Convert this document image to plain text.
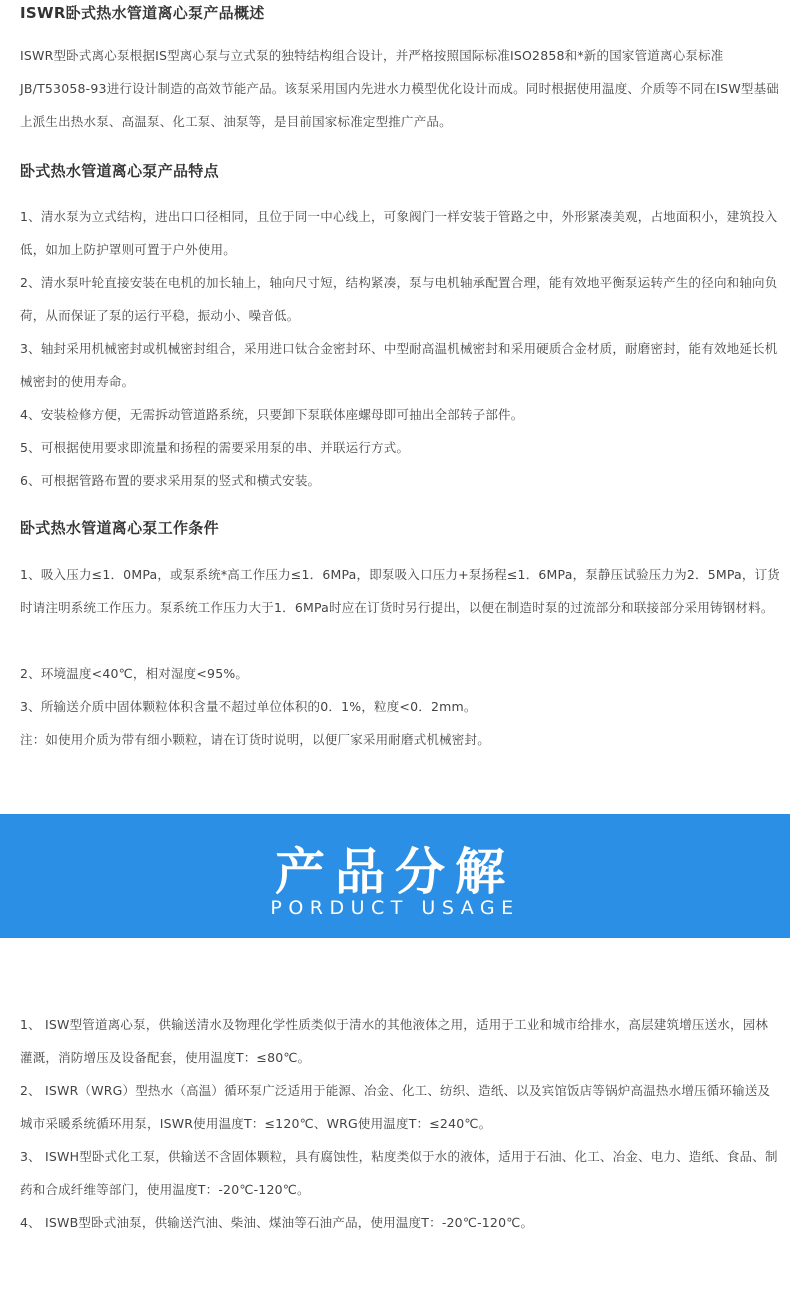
ISWR卧式热水管道离心泵产品概述
ISWR型卧式离心泵根据IS型离心泵与立式泵的独特结构组合设计，并严格按照国际标准ISO2858和*新的国家管道离心泵标准JB/T53058-93进行设计制造的高效节能产品。该泵采用国内先进水力模型优化设计而成。同时根据使用温度、介质等不同在ISW型基础上派生出热水泵、高温泵、化工泵、油泵等，是目前国家标准定型推广产品。
卧式热水管道离心泵产品特点
1、清水泵为立式结构，进出口口径相同，且位于同一中心线上，可象阀门一样安装于管路之中，外形紧凑美观，占地面积小，建筑投入低，如加上防护罩则可置于户外使用。
2、清水泵叶轮直接安装在电机的加长轴上，轴向尺寸短，结构紧凑，泵与电机轴承配置合理，能有效地平衡泵运转产生的径向和轴向负荷，从而保证了泵的运行平稳，振动小、噪音低。
3、轴封采用机械密封或机械密封组合，采用进口钛合金密封环、中型耐高温机械密封和采用硬质合金材质，耐磨密封，能有效地延长机械密封的使用寿命。
4、安装检修方便，无需拆动管道路系统，只要卸下泵联体座螺母即可抽出全部转子部件。
5、可根据使用要求即流量和扬程的需要采用泵的串、并联运行方式。
6、可根据管路布置的要求采用泵的竖式和横式安装。
卧式热水管道离心泵工作条件
1、吸入压力≤1．0MPa，或泵系统*高工作压力≤1．6MPa，即泵吸入口压力+泵扬程≤1．6MPa，泵静压试验压力为2．5MPa，订货时请注明系统工作压力。泵系统工作压力大于1．6MPa时应在订货时另行提出，以便在制造时泵的过流部分和联接部分采用铸钢材料。
2、环境温度<40℃，相对湿度<95%。
3、所输送介质中固体颗粒体积含量不超过单位体积的0．1%，粒度<0．2mm。
注：如使用介质为带有细小颗粒，请在订货时说明，以便厂家采用耐磨式机械密封。
产品分解
PORDUCT USAGE
1、 ISW型管道离心泵，供输送清水及物理化学性质类似于清水的其他液体之用，适用于工业和城市给排水，高层建筑增压送水，园林灌溉，消防增压及设备配套，使用温度T：≤80℃。
2、 ISWR（WRG）型热水（高温）循环泵广泛适用于能源、冶金、化工、纺织、造纸、以及宾馆饭店等锅炉高温热水增压循环输送及城市采暖系统循环用泵，ISWR使用温度T：≤120℃、WRG使用温度T：≤240℃。
3、 ISWH型卧式化工泵，供输送不含固体颗粒，具有腐蚀性，粘度类似于水的液体，适用于石油、化工、冶金、电力、造纸、食品、制药和合成纤维等部门，使用温度T：-20℃-120℃。
4、 ISWB型卧式油泵，供输送汽油、柴油、煤油等石油产品，使用温度T：-20℃-120℃。
